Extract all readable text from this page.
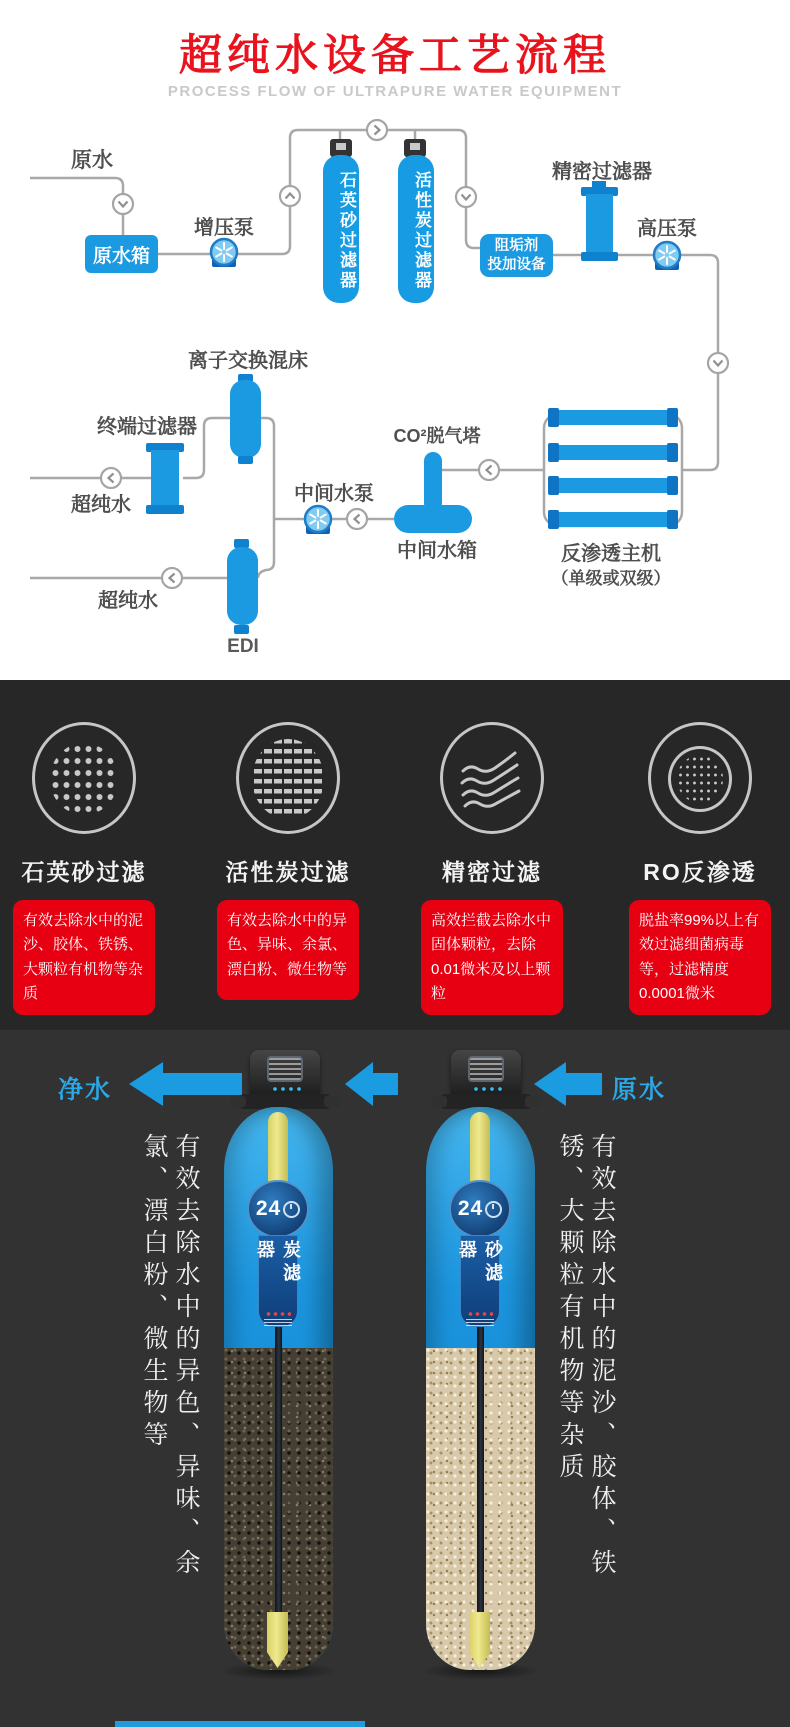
超纯水设备工艺流程
PROCESS FLOW OF ULTRAPURE WATER EQUIPMENT
原水
原水箱
增压泵	石英砂过滤器	活性炭过滤器	阻垢剂
投加设备
精密过滤器
高压泵
离子交换混床
终端过滤器
超纯水	中间水泵
CO²脱气塔
中间水箱	反渗透主机
（单级或双级）
超纯水
EDI
石英砂过滤
有效去除水中的泥沙、胶体、铁锈、大颗粒有机物等杂质
活性炭过滤
有效去除水中的异色、异味、余氯、漂白粉、微生物等
精密过滤
高效拦截去除水中固体颗粒，去除0.01微米及以上颗粒
RO反渗透
脱盐率99%以上有效过滤细菌病毒等，过滤精度0.0001微米
净水	原水
24
炭滤器
24
砂滤器
有效去除水中的异色、异味、余氯、漂白粉、微生物等	有效去除水中的泥沙、胶体、铁锈、大颗粒有机物等杂质
